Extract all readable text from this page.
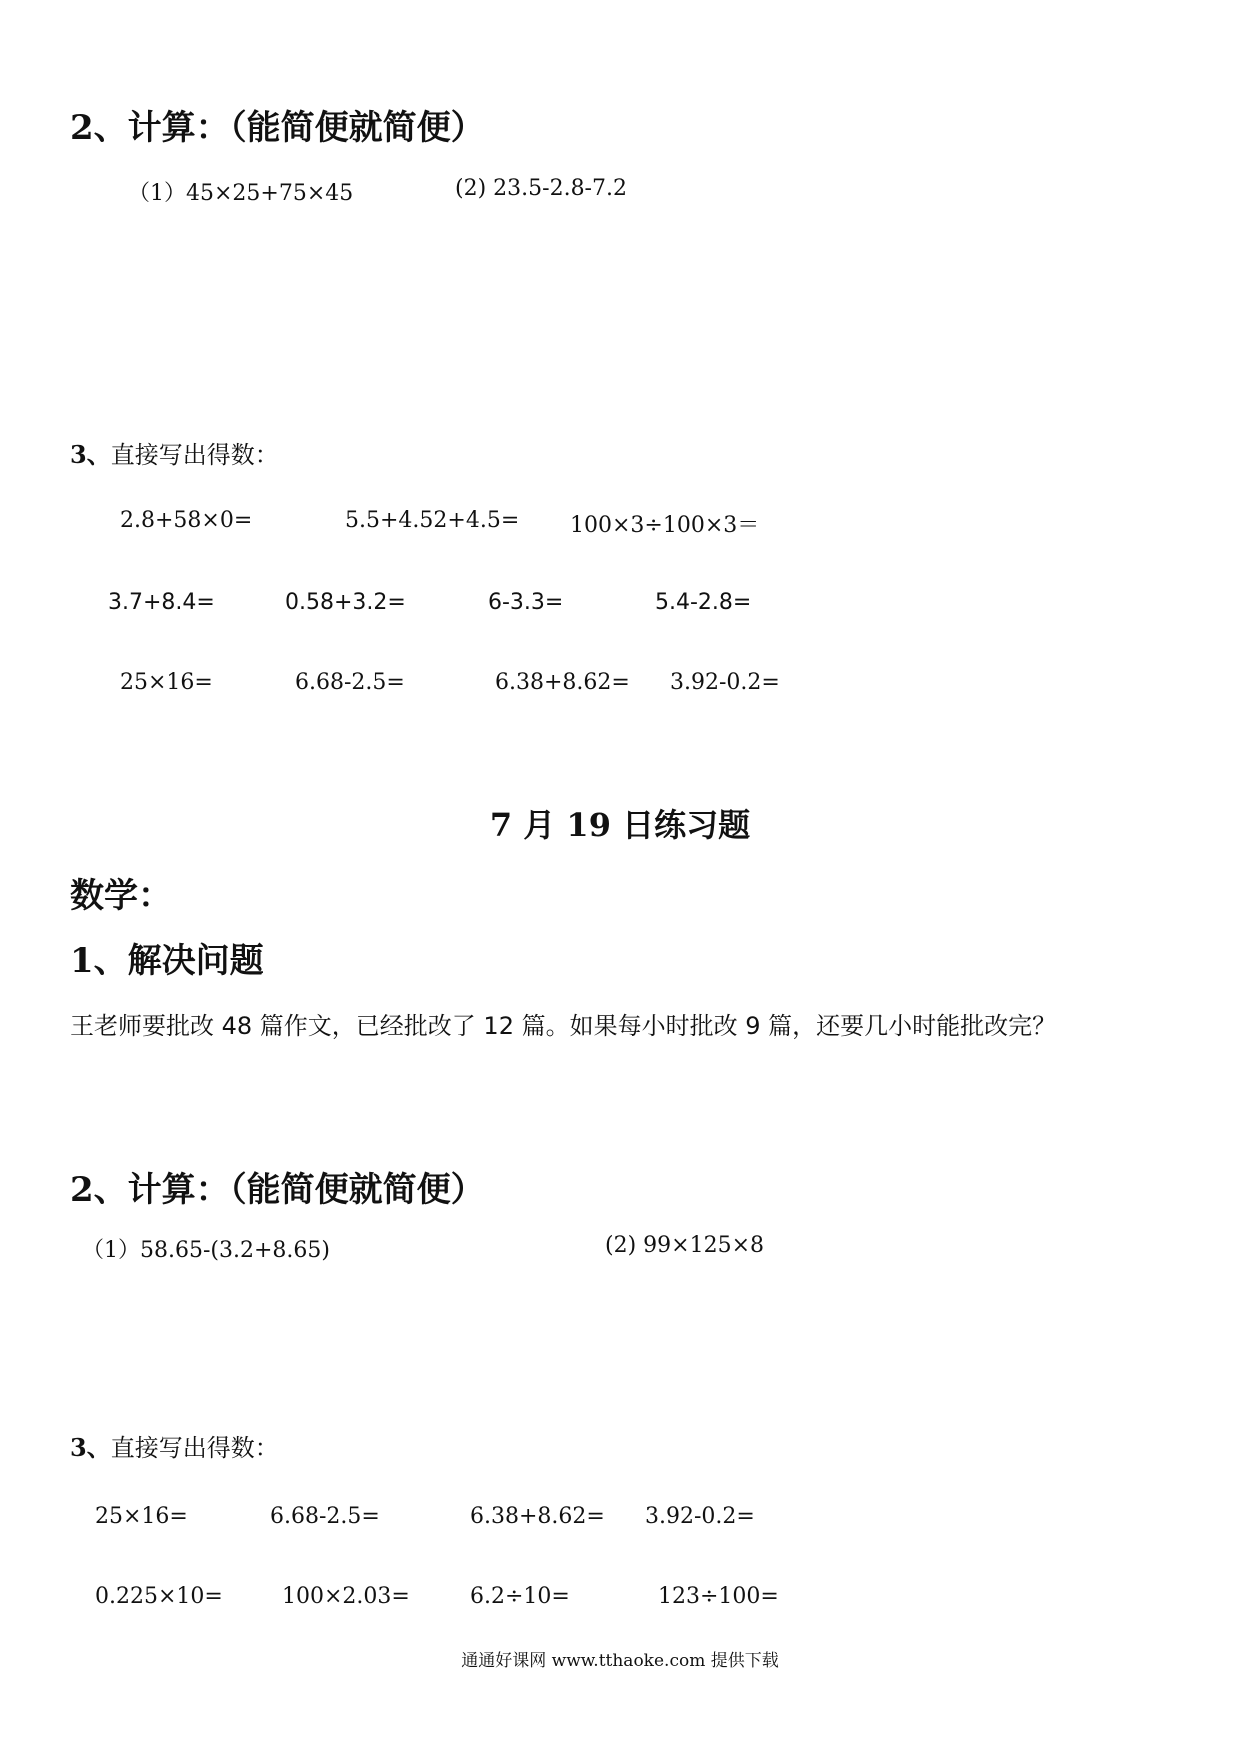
2、计算：（能简便就简便）
（1）45×25+75×45	(2) 23.5-2.8-7.2
3、直接写出得数：
2.8+58×0=	5.5+4.52+4.5= 100×3÷100×3＝
3.7+8.4=	0.58+3.2=	6-3.3=	5.4-2.8=
25×16=	6.68-2.5=	6.38+8.62= 3.92-0.2=
7 月 19 日练习题
数学：
1、解决问题
王老师要批改 48 篇作文，已经批改了 12 篇。如果每小时批改 9 篇，还要几小时能批改完？
2、计算：（能简便就简便）
（1）58.65-(3.2+8.65)	(2) 99×125×8
3、直接写出得数：
25×16=	6.68-2.5=	6.38+8.62= 3.92-0.2=
0.225×10=	100×2.03=	6.2÷10=	123÷100=
通通好课网 www.tthaoke.com 提供下载
